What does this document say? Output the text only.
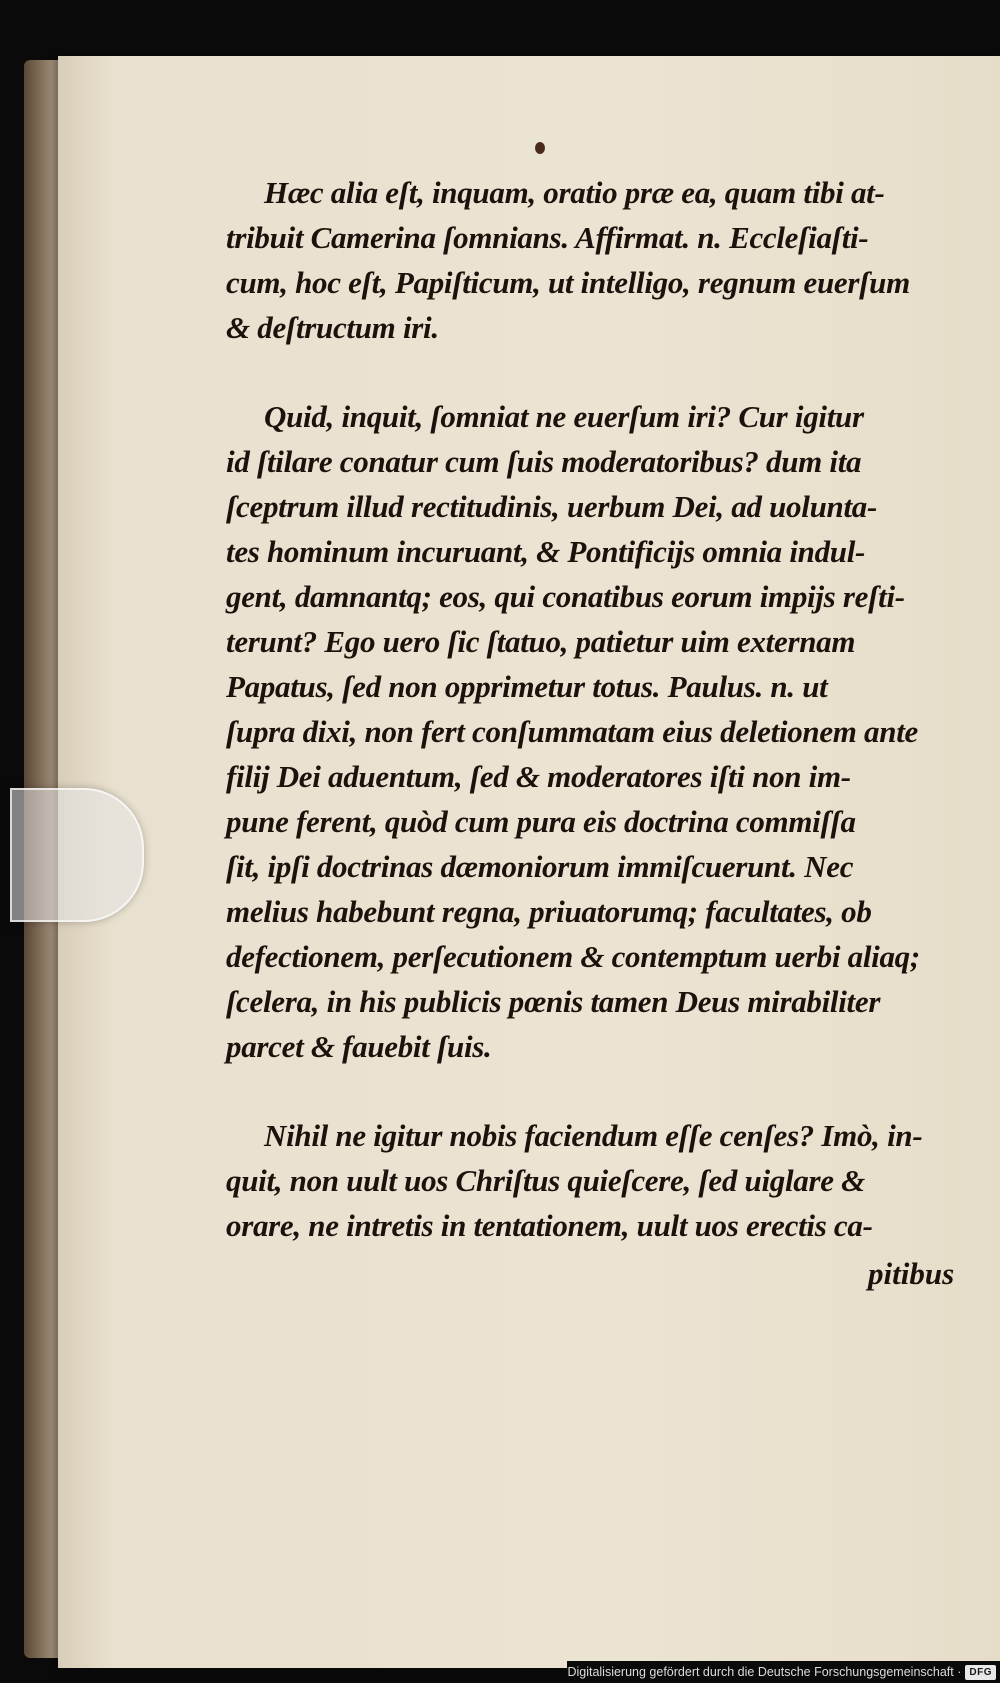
Hæc alia eſt, inquam, oratio præ ea, quam tibi at-
tribuit Camerina ſomnians. Affirmat. n. Eccleſiaſti-
cum, hoc eſt, Papiſticum, ut intelligo, regnum euerſum
& deſtructum iri.

Quid, inquit, ſomniat ne euerſum iri? Cur igitur
id ſtilare conatur cum ſuis moderatoribus? dum ita
ſceptrum illud rectitudinis, uerbum Dei, ad uolunta-
tes hominum incuruant, & Pontificijs omnia indul-
gent, damnantq; eos, qui conatibus eorum impijs reſti-
terunt? Ego uero ſic ſtatuo, patietur uim externam
Papatus, ſed non opprimetur totus. Paulus. n. ut
ſupra dixi, non fert conſummatam eius deletionem ante
filij Dei aduentum, ſed & moderatores iſti non im-
pune ferent, quòd cum pura eis doctrina commiſſa
ſit, ipſi doctrinas dæmoniorum immiſcuerunt. Nec
melius habebunt regna, priuatorumq; facultates, ob
defectionem, perſecutionem & contemptum uerbi aliaq;
ſcelera, in his publicis pœnis tamen Deus mirabiliter
parcet & fauebit ſuis.

Nihil ne igitur nobis faciendum eſſe cenſes? Imò, in-
quit, non uult uos Chriſtus quieſcere, ſed uiglare &
orare, ne intretis in tentationem, uult uos erectis ca-

pitibus
Digitalisierung gefördert durch die Deutsche Forschungsgemeinschaft · DFG
